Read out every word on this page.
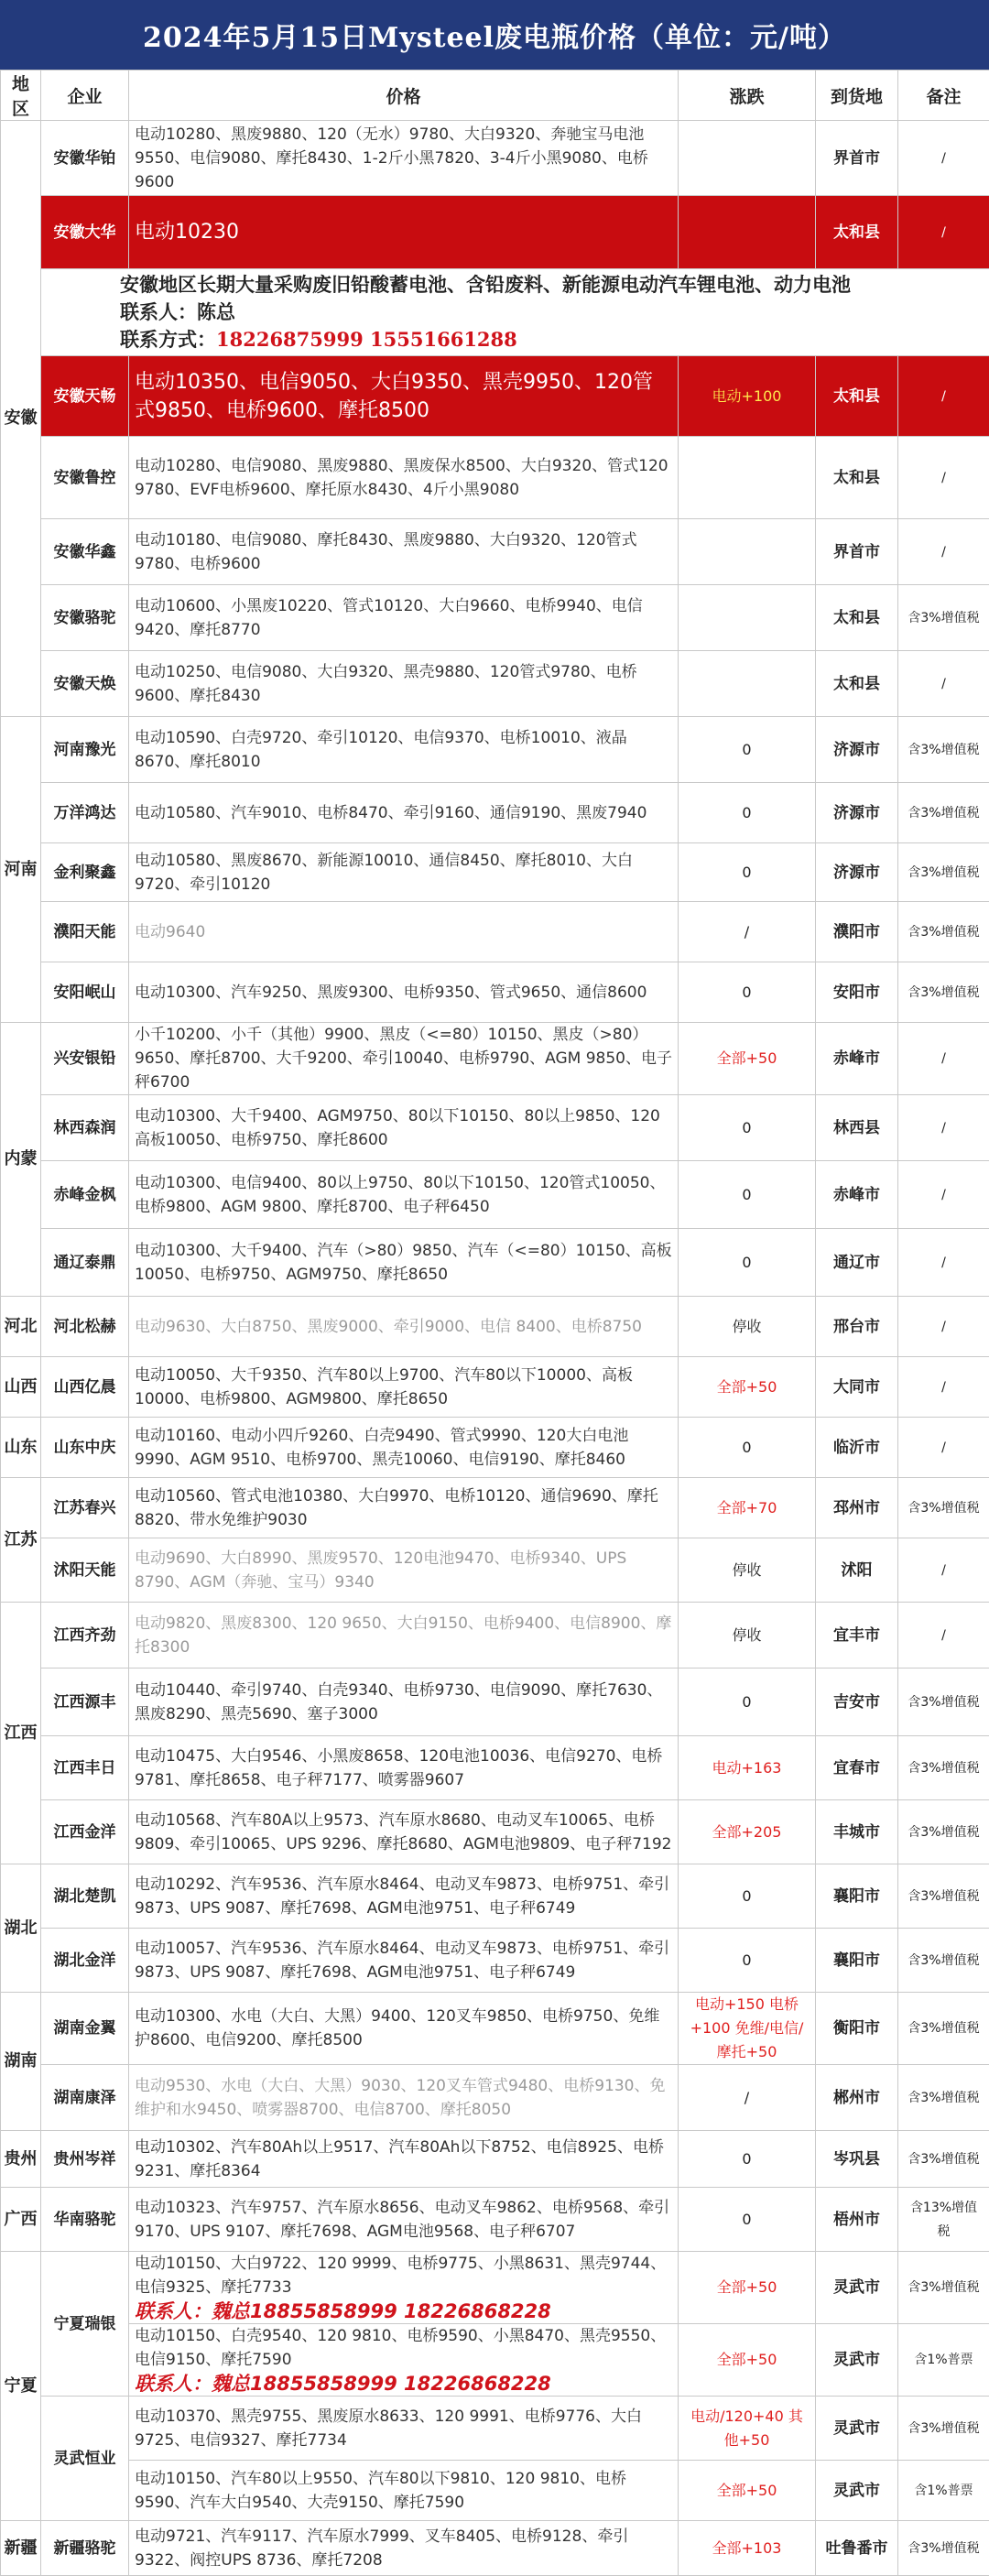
2024年5月15日Mysteel废电瓶价格（单位：元/吨）
地区	企业	价格	涨跌	到货地	备注
安徽	安徽华铂	电动10280、黑废9880、120（无水）9780、大白9320、奔驰宝马电池9550、电信9080、摩托8430、1-2斤小黑7820、3-4斤小黑9080、电桥9600		界首市	/
	安徽大华	电动10230		太和县	/

	安徽地区长期大量采购废旧铅酸蓄电池、含铅废料、新能源电动汽车锂电池、动力电池
联系人：陈总
联系方式：18226875999 15551661288				

	安徽天畅	电动10350、电信9050、大白9350、黑壳9950、120管式9850、电桥9600、摩托8500	电动+100	太和县	/
	安徽鲁控	电动10280、电信9080、黑废9880、黑废保水8500、大白9320、管式120 9780、EVF电桥9600、摩托原水8430、4斤小黑9080		太和县	/
	安徽华鑫	电动10180、电信9080、摩托8430、黑废9880、大白9320、120管式9780、电桥9600		界首市	/
	安徽骆驼	电动10600、小黑废10220、管式10120、大白9660、电桥9940、电信9420、摩托8770		太和县	含3%增值税
	安徽天焕	电动10250、电信9080、大白9320、黑壳9880、120管式9780、电桥9600、摩托8430		太和县	/
河南	河南豫光	电动10590、白壳9720、牵引10120、电信9370、电桥10010、液晶8670、摩托8010	0	济源市	含3%增值税
	万洋鸿达	电动10580、汽车9010、电桥8470、牵引9160、通信9190、黑废7940	0	济源市	含3%增值税
	金利聚鑫	电动10580、黑废8670、新能源10010、通信8450、摩托8010、大白9720、牵引10120	0	济源市	含3%增值税
	濮阳天能	电动9640	/	濮阳市	含3%增值税
	安阳岷山	电动10300、汽车9250、黑废9300、电桥9350、管式9650、通信8600	0	安阳市	含3%增值税
内蒙	兴安银铅	小千10200、小千（其他）9900、黑皮（<=80）10150、黑皮（>80）9650、摩托8700、大千9200、牵引10040、电桥9790、AGM 9850、电子秤6700	全部+50	赤峰市	/
	林西森润	电动10300、大千9400、AGM9750、80以下10150、80以上9850、120高板10050、电桥9750、摩托8600	0	林西县	/
	赤峰金枫	电动10300、电信9400、80以上9750、80以下10150、120管式10050、电桥9800、AGM 9800、摩托8700、电子秤6450	0	赤峰市	/
	通辽泰鼎	电动10300、大千9400、汽车（>80）9850、汽车（<=80）10150、高板10050、电桥9750、AGM9750、摩托8650	0	通辽市	/
河北	河北松赫	电动9630、大白8750、黑废9000、牵引9000、电信 8400、电桥8750	停收	邢台市	/
山西	山西亿晨	电动10050、大千9350、汽车80以上9700、汽车80以下10000、高板10000、电桥9800、AGM9800、摩托8650	全部+50	大同市	/
山东	山东中庆	电动10160、电动小四斤9260、白壳9490、管式9990、120大白电池9990、AGM 9510、电桥9700、黑壳10060、电信9190、摩托8460	0	临沂市	/
江苏	江苏春兴	电动10560、管式电池10380、大白9970、电桥10120、通信9690、摩托8820、带水免维护9030	全部+70	邳州市	含3%增值税
	沭阳天能	电动9690、大白8990、黑废9570、120电池9470、电桥9340、UPS 8790、AGM（奔驰、宝马）9340	停收	沭阳	/
江西	江西齐劲	电动9820、黑废8300、120 9650、大白9150、电桥9400、电信8900、摩托8300	停收	宜丰市	/
	江西源丰	电动10440、牵引9740、白壳9340、电桥9730、电信9090、摩托7630、黑废8290、黑壳5690、塞子3000	0	吉安市	含3%增值税
	江西丰日	电动10475、大白9546、小黑废8658、120电池10036、电信9270、电桥9781、摩托8658、电子秤7177、喷雾器9607	电动+163	宜春市	含3%增值税
	江西金洋	电动10568、汽车80A以上9573、汽车原水8680、电动叉车10065、电桥9809、牵引10065、UPS 9296、摩托8680、AGM电池9809、电子秤7192	全部+205	丰城市	含3%增值税
湖北	湖北楚凯	电动10292、汽车9536、汽车原水8464、电动叉车9873、电桥9751、牵引9873、UPS 9087、摩托7698、AGM电池9751、电子秤6749	0	襄阳市	含3%增值税
	湖北金洋	电动10057、汽车9536、汽车原水8464、电动叉车9873、电桥9751、牵引9873、UPS 9087、摩托7698、AGM电池9751、电子秤6749	0	襄阳市	含3%增值税
湖南	湖南金翼	电动10300、水电（大白、大黑）9400、120叉车9850、电桥9750、免维护8600、电信9200、摩托8500	电动+150 电桥+100 免维/电信/摩托+50	衡阳市	含3%增值税
	湖南康泽	电动9530、水电（大白、大黑）9030、120叉车管式9480、电桥9130、免维护和水9450、喷雾器8700、电信8700、摩托8050	/	郴州市	含3%增值税
贵州	贵州岑祥	电动10302、汽车80Ah以上9517、汽车80Ah以下8752、电信8925、电桥9231、摩托8364	0	岑巩县	含3%增值税
广西	华南骆驼	电动10323、汽车9757、汽车原水8656、电动叉车9862、电桥9568、牵引9170、UPS 9107、摩托7698、AGM电池9568、电子秤6707	0	梧州市	含13%增值税
宁夏	宁夏瑞银	电动10150、大白9722、120 9999、电桥9775、小黑8631、黑壳9744、电信9325、摩托7733
联系人：魏总18855858999 18226868228	全部+50	灵武市	含3%增值税
		电动10150、白壳9540、120 9810、电桥9590、小黑8470、黑壳9550、电信9150、摩托7590
联系人：魏总18855858999 18226868228	全部+50	灵武市	含1%普票
	灵武恒业	电动10370、黑壳9755、黑废原水8633、120 9991、电桥9776、大白9725、电信9327、摩托7734	电动/120+40 其他+50	灵武市	含3%增值税
		电动10150、汽车80以上9550、汽车80以下9810、120 9810、电桥9590、汽车大白9540、大壳9150、摩托7590	全部+50	灵武市	含1%普票
新疆	新疆骆驼	电动9721、汽车9117、汽车原水7999、叉车8405、电桥9128、牵引9322、阀控UPS 8736、摩托7208	全部+103	吐鲁番市	含3%增值税
